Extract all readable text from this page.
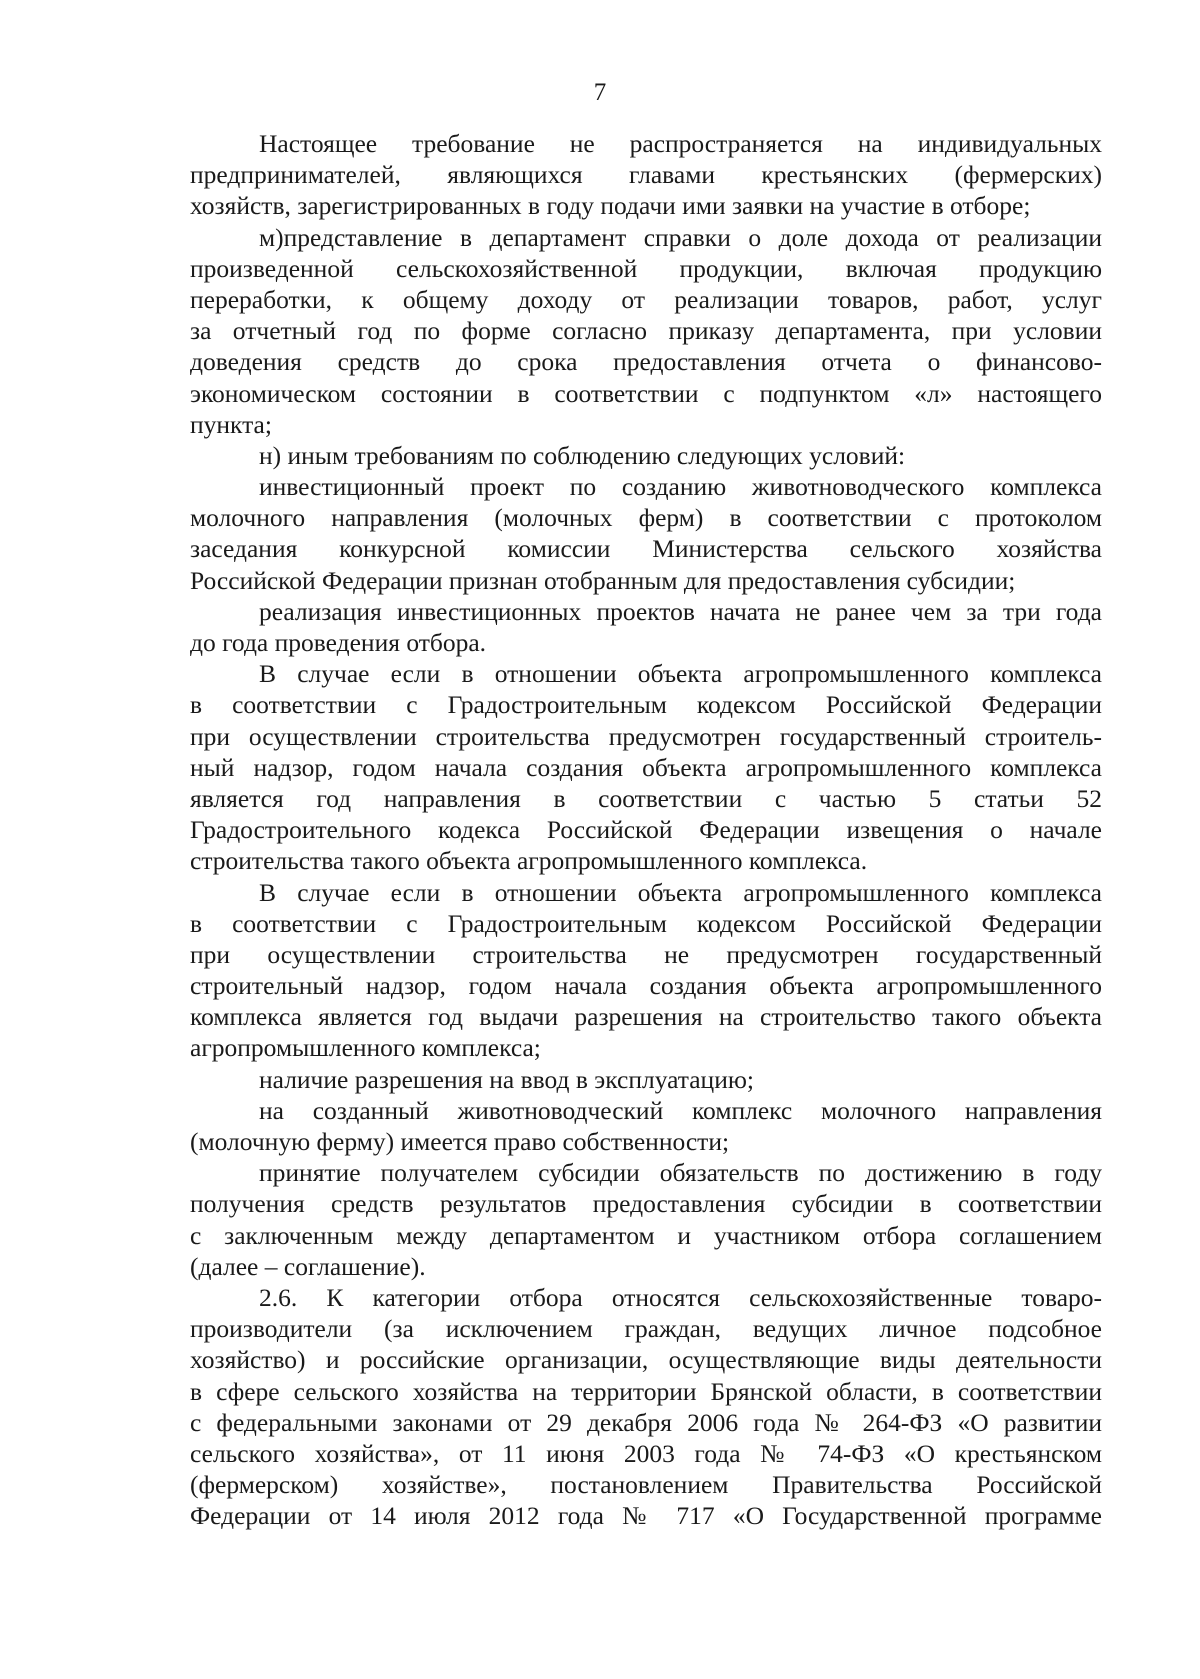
7
Настоящее требование не распространяется на индивидуальных
предпринимателей, являющихся главами крестьянских (фермерских)
хозяйств, зарегистрированных в году подачи ими заявки на участие в отборе;
м)представление в департамент справки о доле дохода от реализации
произведенной сельскохозяйственной продукции, включая продукцию
переработки, к общему доходу от реализации товаров, работ, услуг
за отчетный год по форме согласно приказу департамента, при условии
доведения средств до срока предоставления отчета о финансово-
экономическом состоянии в соответствии с подпунктом «л» настоящего
пункта;
н) иным требованиям по соблюдению следующих условий:
инвестиционный проект по созданию животноводческого комплекса
молочного направления (молочных ферм) в соответствии с протоколом
заседания конкурсной комиссии Министерства сельского хозяйства
Российской Федерации признан отобранным для предоставления субсидии;
реализация инвестиционных проектов начата не ранее чем за три года
до года проведения отбора.
В случае если в отношении объекта агропромышленного комплекса
в соответствии с Градостроительным кодексом Российской Федерации
при осуществлении строительства предусмотрен государственный строитель-
ный надзор, годом начала создания объекта агропромышленного комплекса
является год направления в соответствии с частью 5 статьи 52
Градостроительного кодекса Российской Федерации извещения о начале
строительства такого объекта агропромышленного комплекса.
В случае если в отношении объекта агропромышленного комплекса
в соответствии с Градостроительным кодексом Российской Федерации
при осуществлении строительства не предусмотрен государственный
строительный надзор, годом начала создания объекта агропромышленного
комплекса является год выдачи разрешения на строительство такого объекта
агропромышленного комплекса;
наличие разрешения на ввод в эксплуатацию;
на созданный животноводческий комплекс молочного направления
(молочную ферму) имеется право собственности;
принятие получателем субсидии обязательств по достижению в году
получения средств результатов предоставления субсидии в соответствии
с заключенным между департаментом и участником отбора соглашением
(далее – соглашение).
2.6. К категории отбора относятся сельскохозяйственные товаро-
производители (за исключением граждан, ведущих личное подсобное
хозяйство) и российские организации, осуществляющие виды деятельности
в сфере сельского хозяйства на территории Брянской области, в соответствии
с федеральными законами от 29 декабря 2006 года № 264-ФЗ «О развитии
сельского хозяйства», от 11 июня 2003 года № 74-ФЗ «О крестьянском
(фермерском) хозяйстве», постановлением Правительства Российской
Федерации от 14 июля 2012 года № 717 «О Государственной программе
